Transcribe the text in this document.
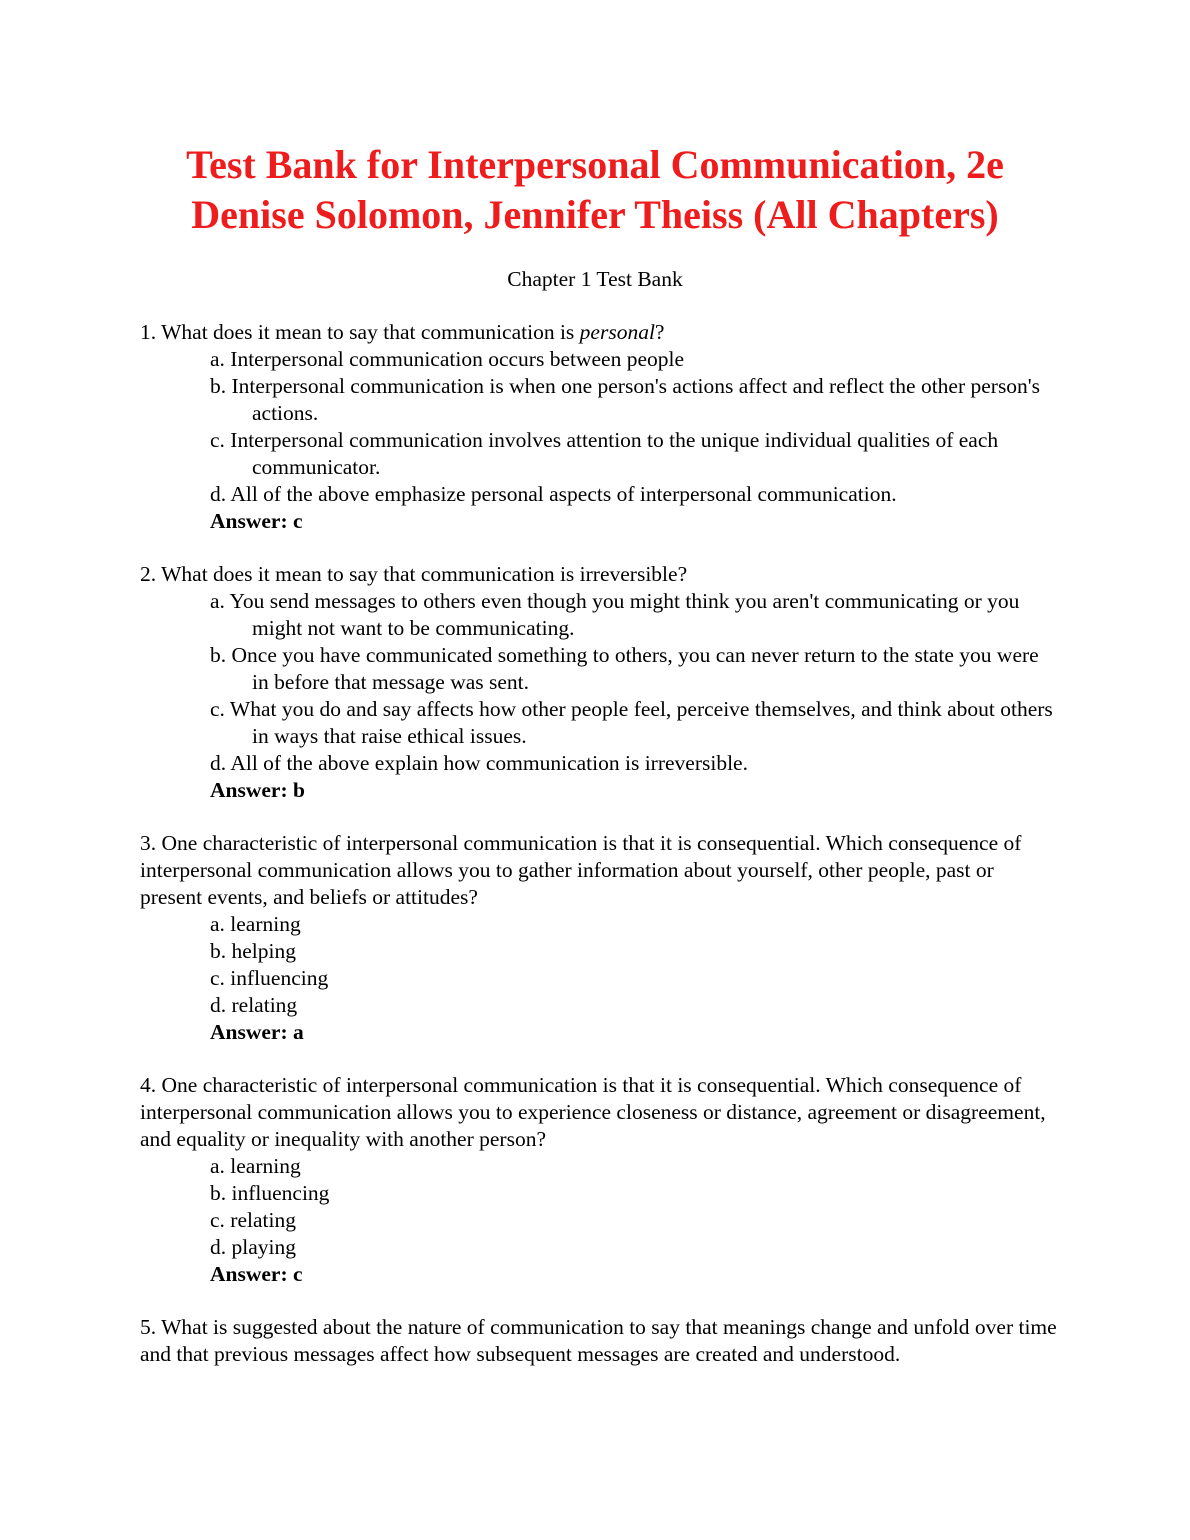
Test Bank for Interpersonal Communication, 2e
Denise Solomon, Jennifer Theiss (All Chapters)
Chapter 1 Test Bank

1. What does it mean to say that communication is personal?

a. Interpersonal communication occurs between people

b. Interpersonal communication is when one person's actions affect and reflect the other person's actions.

c. Interpersonal communication involves attention to the unique individual qualities of each communicator.

d. All of the above emphasize personal aspects of interpersonal communication.

Answer: c

2. What does it mean to say that communication is irreversible?

a. You send messages to others even though you might think you aren't communicating or you might not want to be communicating.

b. Once you have communicated something to others, you can never return to the state you were in before that message was sent.

c. What you do and say affects how other people feel, perceive themselves, and think about others in ways that raise ethical issues.

d. All of the above explain how communication is irreversible.

Answer: b

3. One characteristic of interpersonal communication is that it is consequential. Which consequence of interpersonal communication allows you to gather information about yourself, other people, past or present events, and beliefs or attitudes?

a. learning

b. helping

c. influencing

d. relating

Answer: a

4. One characteristic of interpersonal communication is that it is consequential. Which consequence of interpersonal communication allows you to experience closeness or distance, agreement or disagreement, and equality or inequality with another person?

a. learning

b. influencing

c. relating

d. playing

Answer: c

5. What is suggested about the nature of communication to say that meanings change and unfold over time and that previous messages affect how subsequent messages are created and understood.
